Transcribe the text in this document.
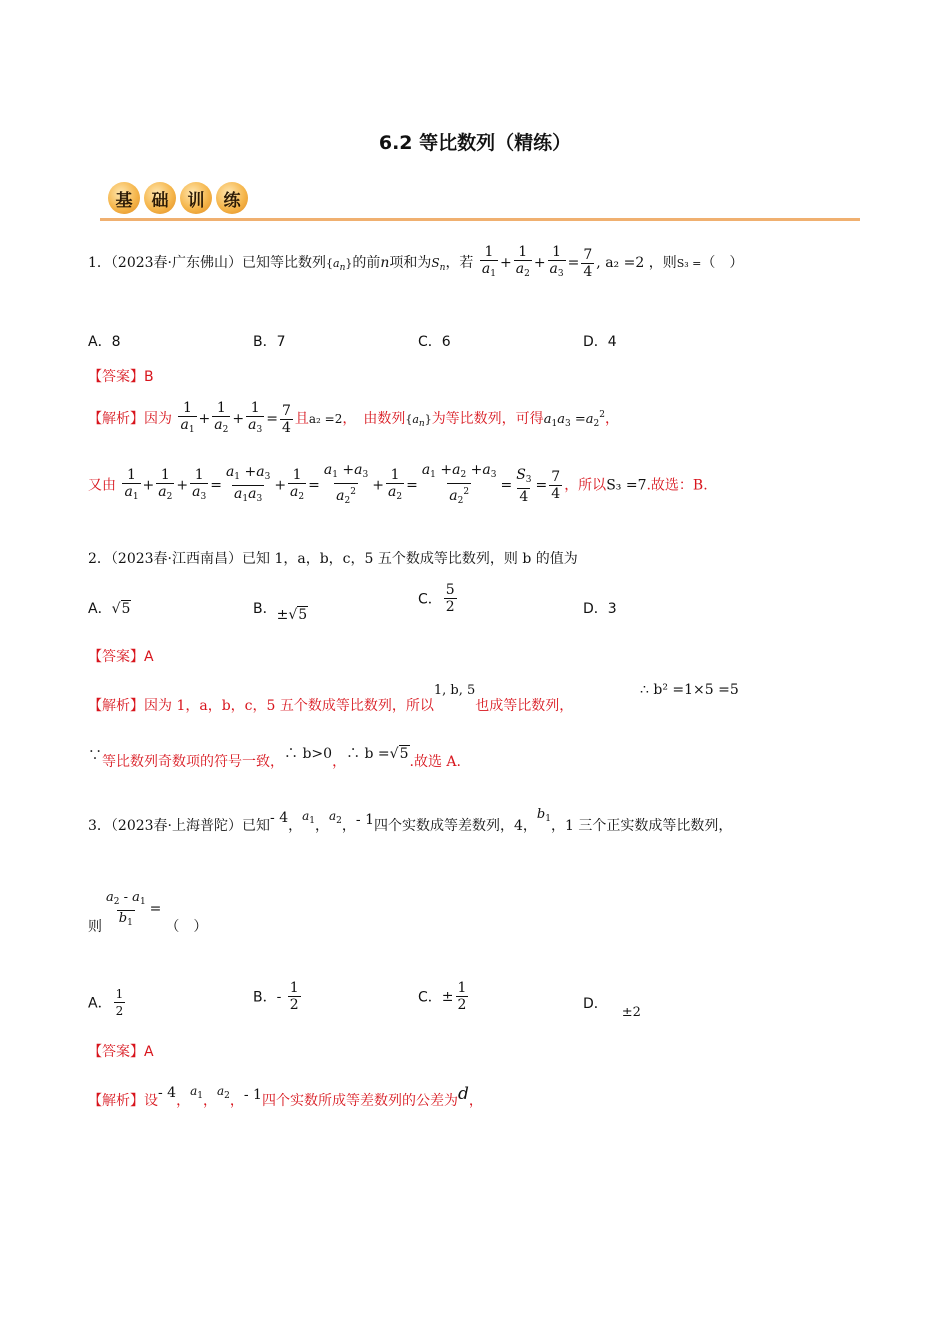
6.2 等比数列（精练）
基	础	训	练
1．（2023春·广东佛山）已知等比数列$\{a_n\}$的前n项和为$S_n$，若 $\frac{1}{a_1} + \frac{1}{a_2} + \frac{1}{a_3} = \frac{7}{4}$ , a₂ =2 ，则S₃ =（　）
A．8	B．7	C．6	D．4
【答案】B
【解析】因为 $\frac{1}{a_1} + \frac{1}{a_2} + \frac{1}{a_3} = \frac{7}{4}$ 且a₂ =2，　由数列$\{a_n\}$为等比数列，可得$a_1a_3 =a_2^2$，
又由 $\frac{1}{a_1} + \frac{1}{a_2} + \frac{1}{a_3} = \frac{a_1 +a_3}{a_1a_3} + \frac{1}{a_2} = \frac{a_1 +a_3}{a_2^2} + \frac{1}{a_2} = \frac{a_1 +a_2 +a_3}{a_2^2} = \frac{S_3}{4} = \frac{7}{4}$ ，所以S₃ =7.故选：B.
2．（2023春·江西南昌）已知 1，a，b，c，5 五个数成等比数列，则 b 的值为
A．√5	B．±√5
C． $\frac{5}{2}$	D．3
【答案】A
【解析】因为 1，a，b，c，5 五个数成等比数列，所以1, b, 5也成等比数列，
∴ b² =1×5 =5
∵等比数列奇数项的符号一致，∴ b>0，∴ b =√5.故选 A.
3．（2023春·上海普陀）已知- 4，$a_1$，$a_2$，- 1四个实数成等差数列，4，$b_1$，1 三个正实数成等比数列，
则 $\frac{a_2 - a_1}{b_1}$ =（　）
A． $\frac{1}{2}$	B．- $\frac{1}{2}$	C．± $\frac{1}{2}$	D．±2
【答案】A
【解析】设- 4，$a_1$，$a_2$，- 1四个实数所成等差数列的公差为d，
